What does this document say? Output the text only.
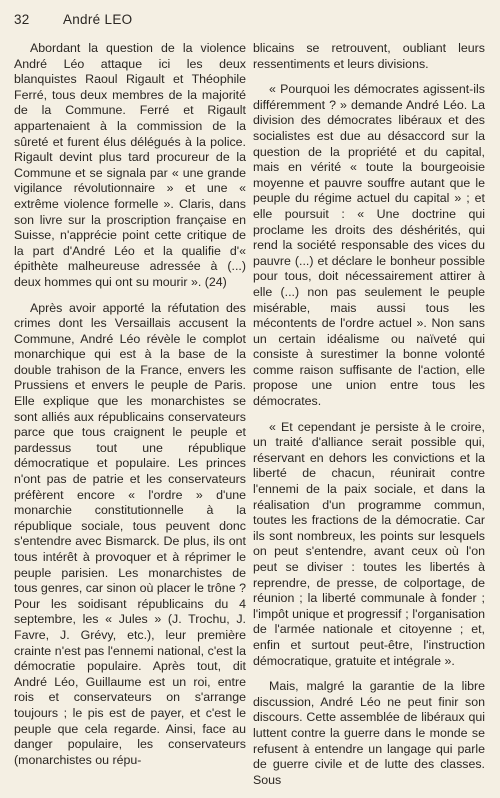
32 André LEO

Abordant la question de la violence André Léo attaque ici les deux blanquistes Raoul Rigault et Théophile Ferré, tous deux membres de la majorité de la Commune. Ferré et Rigault appartenaient à la commission de la sûreté et furent élus délégués à la police. Rigault devint plus tard procureur de la Commune et se signala par « une grande vigilance révolutionnaire » et une « extrême violence formelle ». Claris, dans son livre sur la proscription française en Suisse, n'apprécie point cette critique de la part d'André Léo et la qualifie d'« épithète malheureuse adressée à (...) deux hommes qui ont su mourir ». (24)

Après avoir apporté la réfutation des crimes dont les Versaillais accusent la Commune, André Léo révèle le complot monarchique qui est à la base de la double trahison de la France, envers les Prussiens et envers le peuple de Paris. Elle explique que les monarchistes se sont alliés aux républicains conservateurs parce que tous craignent le peuple et pardessus tout une république démocratique et populaire. Les princes n'ont pas de patrie et les conservateurs préfèrent encore « l'ordre » d'une monarchie constitutionnelle à la république sociale, tous peuvent donc s'entendre avec Bismarck. De plus, ils ont tous intérêt à provoquer et à réprimer le peuple parisien. Les monarchistes de tous genres, car sinon où placer le trône ? Pour les soidisant républicains du 4 septembre, les « Jules » (J. Trochu, J. Favre, J. Grévy, etc.), leur première crainte n'est pas l'ennemi national, c'est la démocratie populaire. Après tout, dit André Léo, Guillaume est un roi, entre rois et conservateurs on s'arrange toujours ; le pis est de payer, et c'est le peuple que cela regarde. Ainsi, face au danger populaire, les conservateurs (monarchistes ou répu-

blicains se retrouvent, oubliant leurs ressentiments et leurs divisions.

« Pourquoi les démocrates agissent-ils différemment ? » demande André Léo. La division des démocrates libéraux et des socialistes est due au désaccord sur la question de la propriété et du capital, mais en vérité « toute la bourgeoisie moyenne et pauvre souffre autant que le peuple du régime actuel du capital » ; et elle poursuit : « Une doctrine qui proclame les droits des déshérités, qui rend la société responsable des vices du pauvre (...) et déclare le bonheur possible pour tous, doit nécessairement attirer à elle (...) non pas seulement le peuple misérable, mais aussi tous les mécontents de l'ordre actuel ». Non sans un certain idéalisme ou naïveté qui consiste à surestimer la bonne volonté comme raison suffisante de l'action, elle propose une union entre tous les démocrates.

« Et cependant je persiste à le croire, un traité d'alliance serait possible qui, réservant en dehors les convictions et la liberté de chacun, réunirait contre l'ennemi de la paix sociale, et dans la réalisation d'un programme commun, toutes les fractions de la démocratie. Car ils sont nombreux, les points sur lesquels on peut s'entendre, avant ceux où l'on peut se diviser : toutes les libertés à reprendre, de presse, de colportage, de réunion ; la liberté communale à fonder ; l'impôt unique et progressif ; l'organisation de l'armée nationale et citoyenne ; et, enfin et surtout peut-être, l'instruction démocratique, gratuite et intégrale ».

Mais, malgré la garantie de la libre discussion, André Léo ne peut finir son discours. Cette assemblée de libéraux qui luttent contre la guerre dans le monde se refusent à entendre un langage qui parle de guerre civile et de lutte des classes. Sous
